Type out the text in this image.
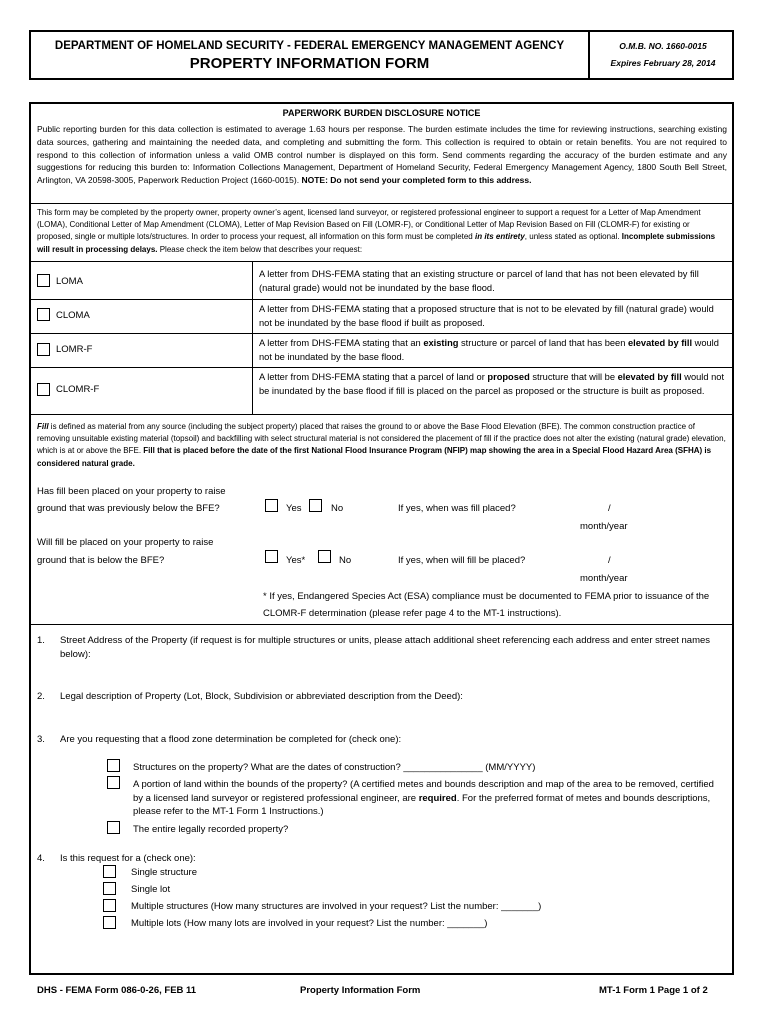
DEPARTMENT OF HOMELAND SECURITY - FEDERAL EMERGENCY MANAGEMENT AGENCY
PROPERTY INFORMATION FORM
O.M.B. NO. 1660-0015
Expires February 28, 2014
PAPERWORK BURDEN DISCLOSURE NOTICE
Public reporting burden for this data collection is estimated to average 1.63 hours per response. The burden estimate includes the time for reviewing instructions, searching existing data sources, gathering and maintaining the needed data, and completing and submitting the form. This collection is required to obtain or retain benefits. You are not required to respond to this collection of information unless a valid OMB control number is displayed on this form. Send comments regarding the accuracy of the burden estimate and any suggestions for reducing this burden to: Information Collections Management, Department of Homeland Security, Federal Emergency Management Agency, 1800 South Bell Street, Arlington, VA 20598-3005, Paperwork Reduction Project (1660-0015). NOTE: Do not send your completed form to this address.
This form may be completed by the property owner, property owner’s agent, licensed land surveyor, or registered professional engineer to support a request for a Letter of Map Amendment (LOMA), Conditional Letter of Map Amendment (CLOMA), Letter of Map Revision Based on Fill (LOMR-F), or Conditional Letter of Map Revision Based on Fill (CLOMR-F) for existing or proposed, single or multiple lots/structures. In order to process your request, all information on this form must be completed in its entirety, unless stated as optional. Incomplete submissions will result in processing delays. Please check the item below that describes your request:
LOMA
A letter from DHS-FEMA stating that an existing structure or parcel of land that has not been elevated by fill (natural grade) would not be inundated by the base flood.
CLOMA
A letter from DHS-FEMA stating that a proposed structure that is not to be elevated by fill (natural grade) would not be inundated by the base flood if built as proposed.
LOMR-F
A letter from DHS-FEMA stating that an existing structure or parcel of land that has been elevated by fill would not be inundated by the base flood.
CLOMR-F
A letter from DHS-FEMA stating that a parcel of land or proposed structure that will be elevated by fill would not be inundated by the base flood if fill is placed on the parcel as proposed or the structure is built as proposed.
Fill is defined as material from any source (including the subject property) placed that raises the ground to or above the Base Flood Elevation (BFE). The common construction practice of removing unsuitable existing material (topsoil) and backfilling with select structural material is not considered the placement of fill if the practice does not alter the existing (natural grade) elevation, which is at or above the BFE. Fill that is placed before the date of the first National Flood Insurance Program (NFIP) map showing the area in a Special Flood Hazard Area (SFHA) is considered natural grade.
Has fill been placed on your property to raise
ground that was previously below the BFE?	Yes	No	If yes, when was fill placed?	/
month/year
Will fill be placed on your property to raise
ground that is below the BFE?	Yes*	No	If yes, when will fill be placed?	/
month/year
* If yes, Endangered Species Act (ESA) compliance must be documented to FEMA prior to issuance of the CLOMR-F determination (please refer page 4 to the MT-1 instructions).
1. Street Address of the Property (if request is for multiple structures or units, please attach additional sheet referencing each address and enter street names below):
2. Legal description of Property (Lot, Block, Subdivision or abbreviated description from the Deed):
3. Are you requesting that a flood zone determination be completed for (check one):
Structures on the property? What are the dates of construction? _______________ (MM/YYYY)
A portion of land within the bounds of the property? (A certified metes and bounds description and map of the area to be removed, certified by a licensed land surveyor or registered professional engineer, are required. For the preferred format of metes and bounds descriptions, please refer to the MT-1 Form 1 Instructions.)
The entire legally recorded property?
4. Is this request for a (check one):
Single structure
Single lot
Multiple structures (How many structures are involved in your request? List the number: _______)
Multiple lots (How many lots are involved in your request? List the number: _______)
DHS - FEMA Form 086-0-26, FEB 11	Property Information Form	MT-1 Form 1 Page 1 of 2
